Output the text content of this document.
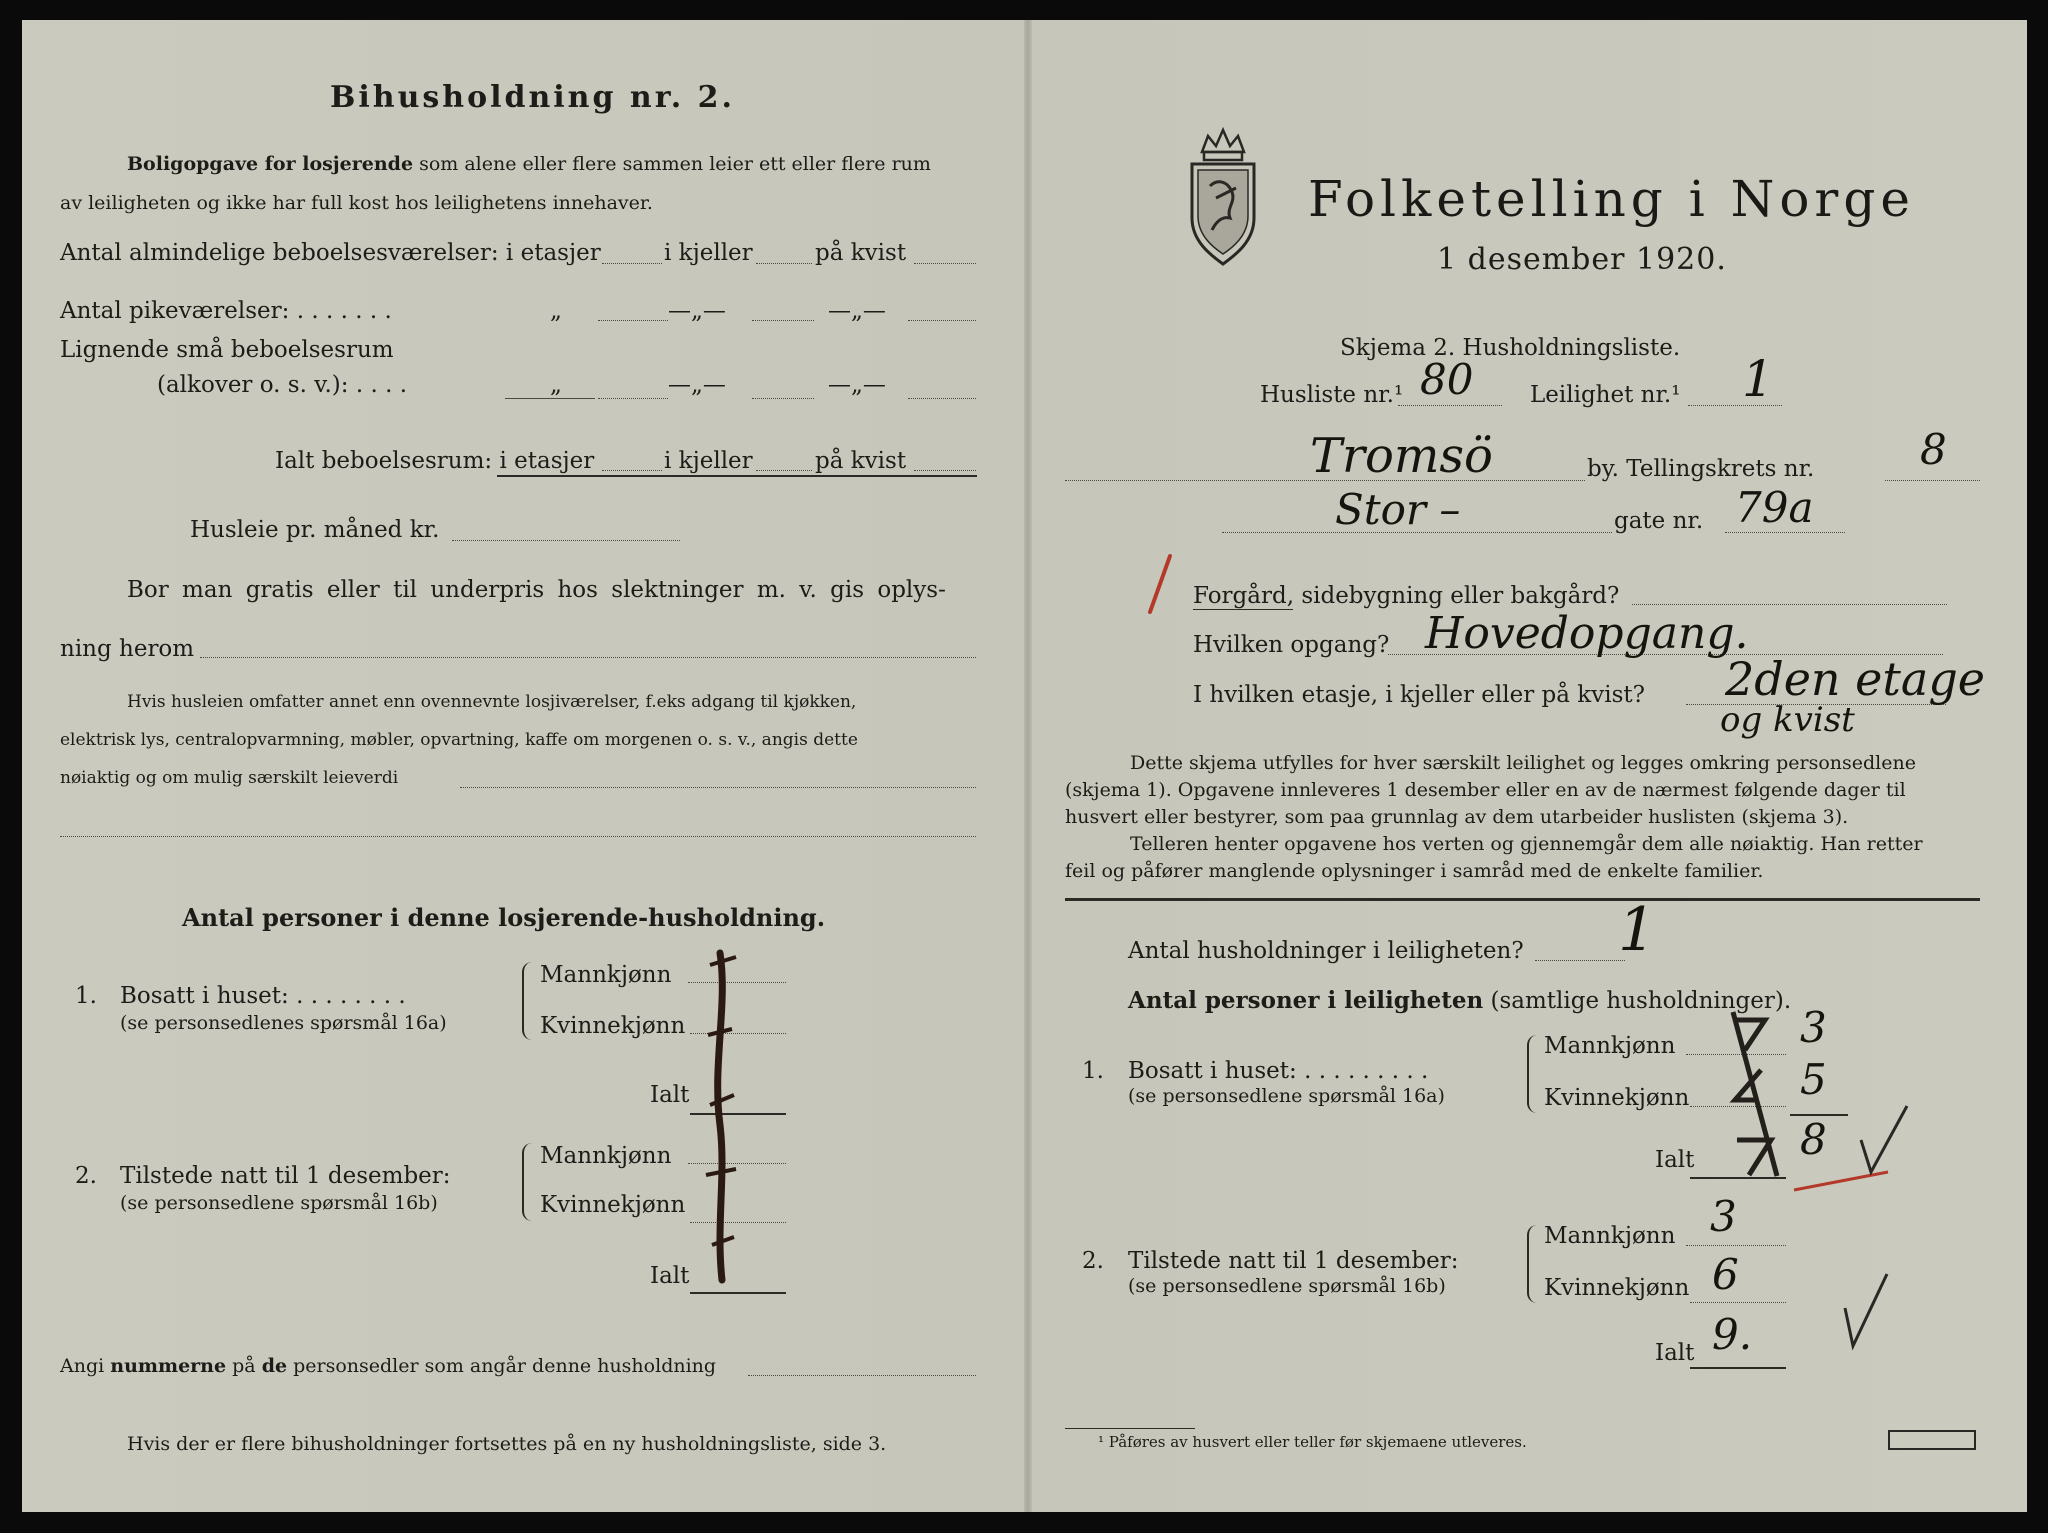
Bihusholdning nr. 2.
Boligopgave for losjerende som alene eller flere sammen leier ett eller flere rum
av leiligheten og ikke har full kost hos leilighetens innehaver.
Antal almindelige beboelsesværelser: i etasjer	i kjeller	på kvist
Antal pikeværelser: . . . . . . .	„	—„—	—„—
Lignende små beboelsesrum
(alkover o. s. v.): . . . .	„	—„—	—„—
Ialt beboelsesrum: i etasjer	i kjeller	på kvist
Husleie pr. måned kr.
Bor man gratis eller til underpris hos slektninger m. v. gis oplys-
ning herom
Hvis husleien omfatter annet enn ovennevnte losjiværelser, f.eks adgang til kjøkken,
elektrisk lys, centralopvarmning, møbler, opvartning, kaffe om morgenen o. s. v., angis dette
nøiaktig og om mulig særskilt leieverdi
Antal personer i denne losjerende-husholdning.
1. Bosatt i huset: . . . . . . . .
(se personsedlenes spørsmål 16a)
Mannkjønn
Kvinnekjønn
Ialt
2. Tilstede natt til 1 desember:
(se personsedlene spørsmål 16b)
Mannkjønn
Kvinnekjønn
Ialt
Angi nummerne på de personsedler som angår denne husholdning
Hvis der er flere bihusholdninger fortsettes på en ny husholdningsliste, side 3.
Folketelling i Norge
1 desember 1920.
Skjema 2. Husholdningsliste.
Husliste nr.¹ 80 Leilighet nr.¹ 1
Tromsö	by. Tellingskrets nr.	8
Stor –	gate nr. 79a
Forgård, sidebygning eller bakgård?
Hvilken opgang? Hovedopgang.
I hvilken etasje, i kjeller eller på kvist? 2den etage
og kvist
Dette skjema utfylles for hver særskilt leilighet og legges omkring personsedlene
(skjema 1). Opgavene innleveres 1 desember eller en av de nærmest følgende dager til
husvert eller bestyrer, som paa grunnlag av dem utarbeider huslisten (skjema 3).
Telleren henter opgavene hos verten og gjennemgår dem alle nøiaktig. Han retter
feil og påfører manglende oplysninger i samråd med de enkelte familier.
Antal husholdninger i leiligheten? 1
Antal personer i leiligheten (samtlige husholdninger).
1. Bosatt i huset: . . . . . . . . .
(se personsedlene spørsmål 16a)
Mannkjønn	3
Kvinnekjønn	5
Ialt	8
2. Tilstede natt til 1 desember:
(se personsedlene spørsmål 16b)
Mannkjønn 3
Kvinnekjønn 6
Ialt 9.
¹ Påføres av husvert eller teller før skjemaene utleveres.
